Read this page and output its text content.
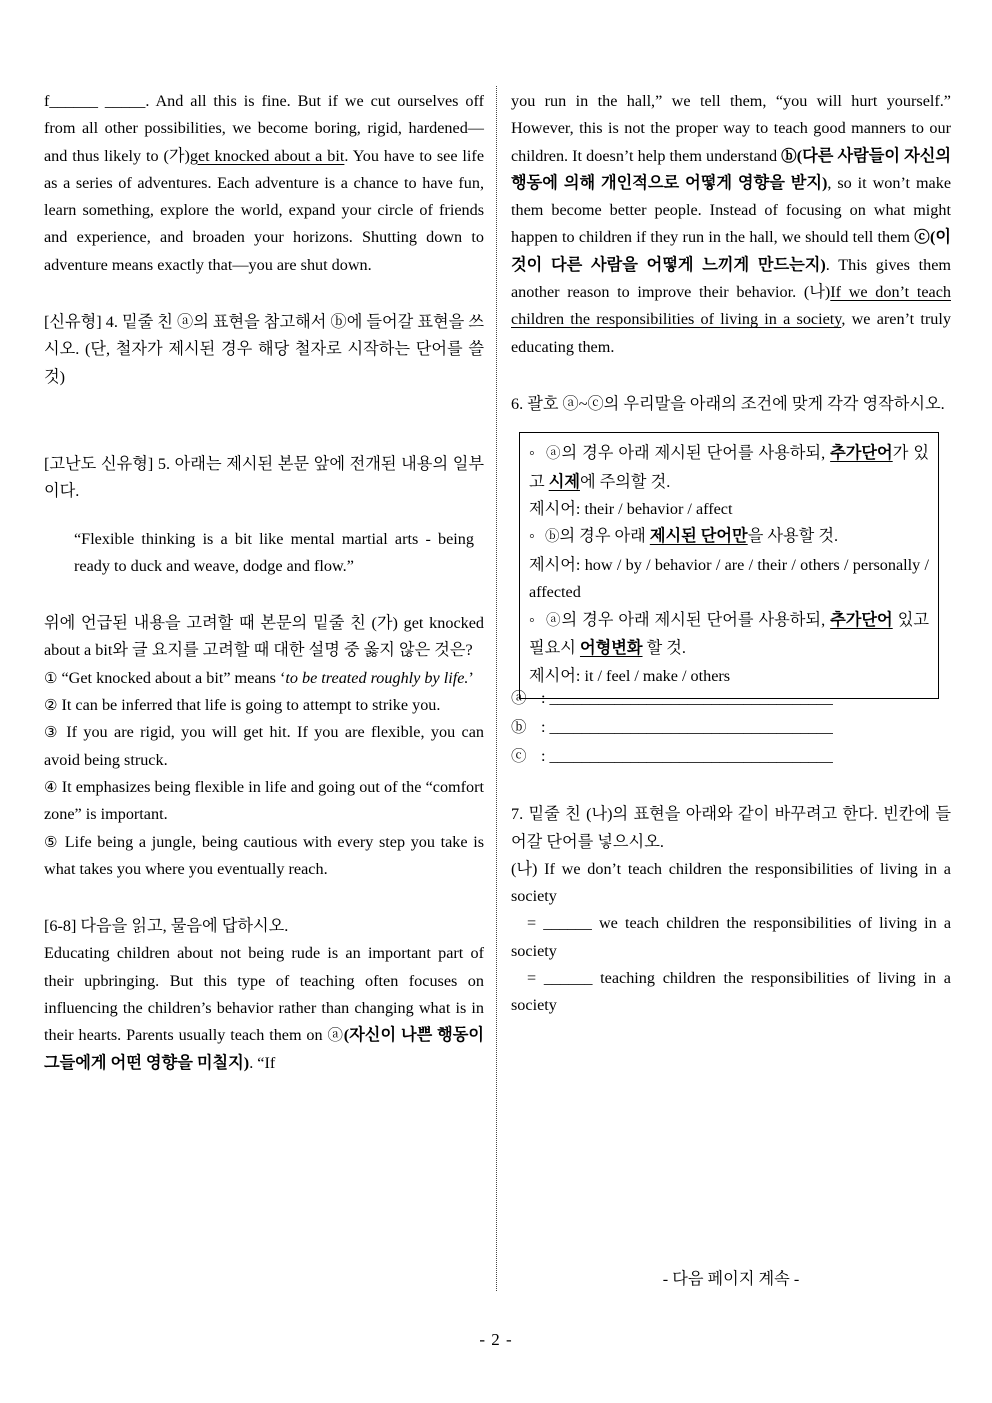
f______ _____. And all this is fine. But if we cut ourselves off from all other possibilities, we become boring, rigid, hardened—and thus likely to (가)get knocked about a bit. You have to see life as a series of adventures. Each adventure is a chance to have fun, learn something, explore the world, expand your circle of friends and experience, and broaden your horizons. Shutting down to adventure means exactly that—you are shut down.

[신유형] 4. 밑줄 친 ⓐ의 표현을 참고해서 ⓑ에 들어갈 표현을 쓰시오. (단, 철자가 제시된 경우 해당 철자로 시작하는 단어를 쓸 것)

[고난도 신유형] 5. 아래는 제시된 본문 앞에 전개된 내용의 일부이다.

“Flexible thinking is a bit like mental martial arts - being ready to duck and weave, dodge and flow.”

위에 언급된 내용을 고려할 때 본문의 밑줄 친 (가) get knocked about a bit와 글 요지를 고려할 때 대한 설명 중 옳지 않은 것은?

① “Get knocked about a bit” means ‘to be treated roughly by life.’

② It can be inferred that life is going to attempt to strike you.

③ If you are rigid, you will get hit. If you are flexible, you can avoid being struck.

④ It emphasizes being flexible in life and going out of the “comfort zone” is important.

⑤ Life being a jungle, being cautious with every step you take is what takes you where you eventually reach.

[6-8] 다음을 읽고, 물음에 답하시오.

Educating children about not being rude is an important part of their upbringing. But this type of teaching often focuses on influencing the children’s behavior rather than changing what is in their hearts. Parents usually teach them on ⓐ(자신이 나쁜 행동이 그들에게 어떤 영향을 미칠지). “If

you run in the hall,” we tell them, “you will hurt yourself.” However, this is not the proper way to teach good manners to our children. It doesn’t help them understand ⓑ(다른 사람들이 자신의 행동에 의해 개인적으로 어떻게 영향을 받지), so it won’t make them become better people. Instead of focusing on what might happen to children if they run in the hall, we should tell them ⓒ(이것이 다른 사람을 어떻게 느끼게 만드는지). This gives them another reason to improve their behavior. (나)If we don’t teach children the responsibilities of living in a society, we aren’t truly educating them.

6. 괄호 ⓐ~ⓒ의 우리말을 아래의 조건에 맞게 각각 영작하시오.

◦ ⓐ의 경우 아래 제시된 단어를 사용하되, 추가단어가 있고 시제에 주의할 것.
제시어: their / behavior / affect
◦ ⓑ의 경우 아래 제시된 단어만을 사용할 것.
제시어: how / by / behavior / are / their / others / personally / affected
◦ ⓐ의 경우 아래 제시된 단어를 사용하되, 추가단어 있고 필요시 어형변화 할 것.
제시어: it / feel / make / others
ⓐ : ___________________________________
ⓑ : ___________________________________
ⓒ : ___________________________________

7. 밑줄 친 (나)의 표현을 아래와 같이 바꾸려고 한다. 빈칸에 들어갈 단어를 넣으시오.

(나) If we don’t teach children the responsibilities of living in a society

= ______ we teach children the responsibilities of living in a society

= ______ teaching children the responsibilities of living in a society

- 다음 페이지 계속 -
- 2 -
